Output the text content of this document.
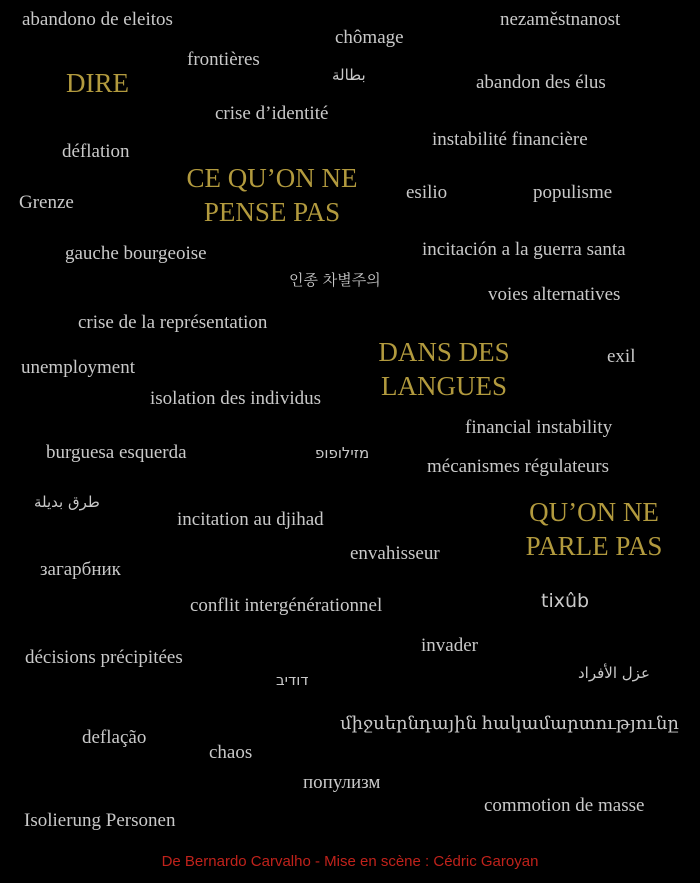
abandono de eleitos
chômage
nezaměstnanost
frontières
بطالة	abandon des élus
DIRE
crise d’identité
instabilité financière
déflation
CE QU’ON NE
PENSE PAS
esilio	populisme
Grenze
gauche bourgeoise	incitación a la guerra santa
인종 차별주의
voies alternatives
crise de la représentation
DANS DES
LANGUES
exil
unemployment
isolation des individus
financial instability
burguesa esquerda	מזילופופ
mécanismes régulateurs
طرق بديلة	QU’ON NE
PARLE PAS
incitation au djihad
envahisseur
загарбник
conflit intergénérationnel	tixûb
invader
décisions précipitées
عزل الأفراد
דודיב
միջսերնդային հակամարտությունը
deflação
chaos
популизм
commotion de masse
Isolierung Personen
De Bernardo Carvalho - Mise en scène : Cédric Garoyan
